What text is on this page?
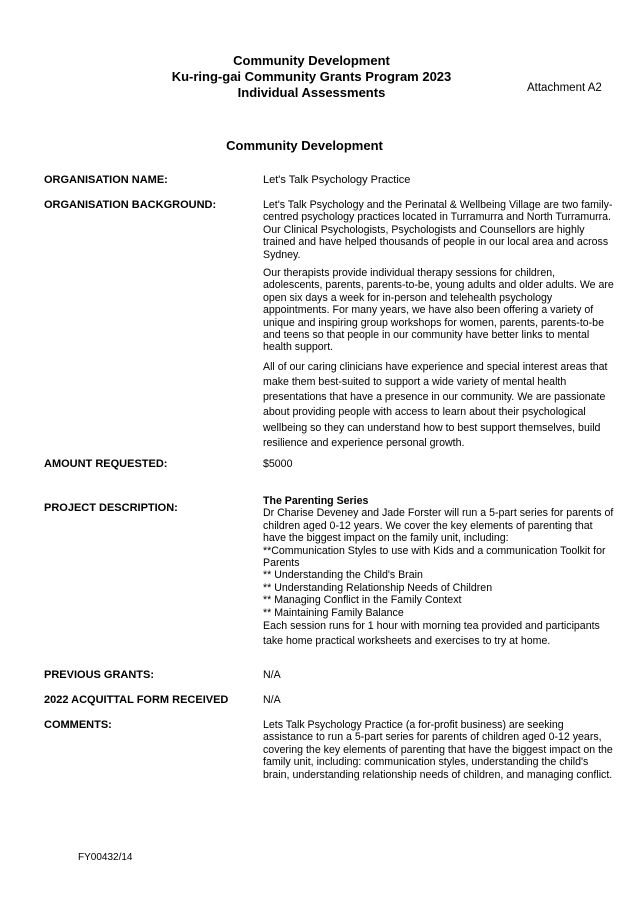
Community Development
Ku-ring-gai Community Grants Program 2023
Individual Assessments	Attachment A2
Community Development
ORGANISATION NAME:	Let's Talk Psychology Practice
ORGANISATION BACKGROUND:	Let's Talk Psychology and the Perinatal & Wellbeing Village are two family-centred psychology practices located in Turramurra and North Turramurra. Our Clinical Psychologists, Psychologists and Counsellors are highly trained and have helped thousands of people in our local area and across Sydney.

Our therapists provide individual therapy sessions for children, adolescents, parents, parents-to-be, young adults and older adults. We are open six days a week for in-person and telehealth psychology appointments. For many years, we have also been offering a variety of unique and inspiring group workshops for women, parents, parents-to-be and teens so that people in our community have better links to mental health support.

All of our caring clinicians have experience and special interest areas that make them best-suited to support a wide variety of mental health presentations that have a presence in our community. We are passionate about providing people with access to learn about their psychological wellbeing so they can understand how to best support themselves, build resilience and experience personal growth.

AMOUNT REQUESTED:	$5000
PROJECT DESCRIPTION:
The Parenting Series
Dr Charise Deveney and Jade Forster will run a 5-part series for parents of children aged 0-12 years. We cover the key elements of parenting that have the biggest impact on the family unit, including:
**Communication Styles to use with Kids and a communication Toolkit for Parents
** Understanding the Child's Brain
** Understanding Relationship Needs of Children
** Managing Conflict in the Family Context
** Maintaining Family Balance
Each session runs for 1 hour with morning tea provided and participants take home practical worksheets and exercises to try at home.
PREVIOUS GRANTS:	N/A
2022 ACQUITTAL FORM RECEIVED	N/A
COMMENTS:	Lets Talk Psychology Practice (a for-profit business) are seeking assistance to run a 5-part series for parents of children aged 0-12 years, covering the key elements of parenting that have the biggest impact on the family unit, including: communication styles, understanding the child's brain, understanding relationship needs of children, and managing conflict.
FY00432/14
